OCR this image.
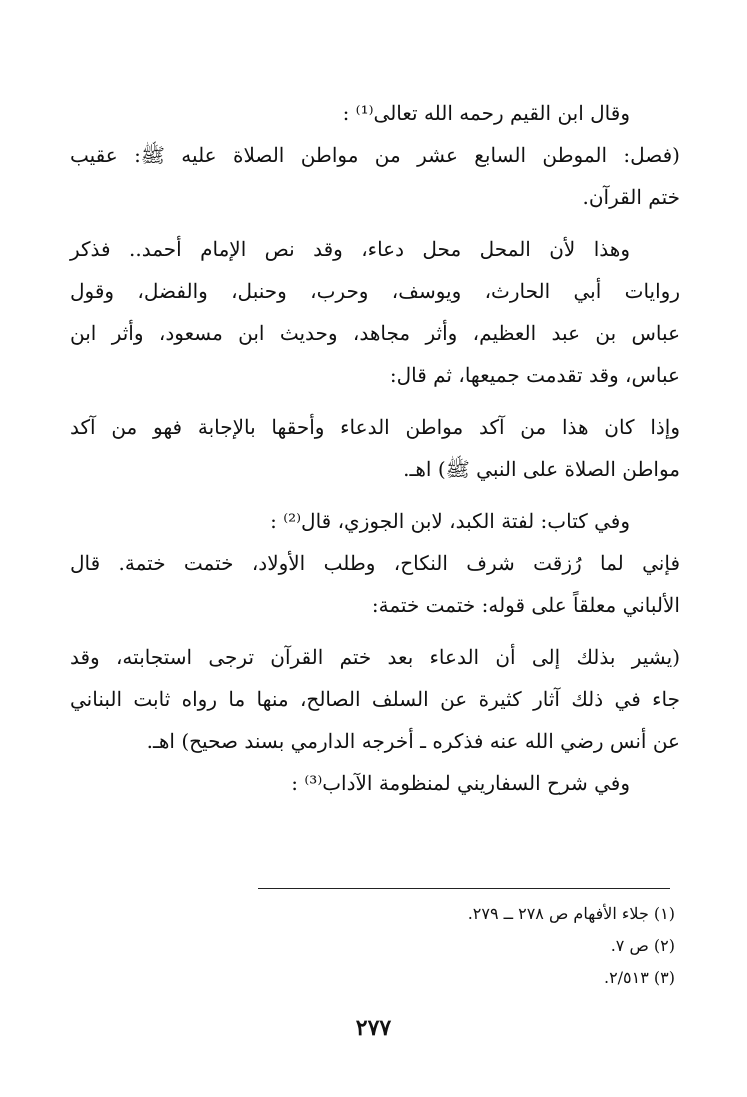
وقال ابن القيم رحمه الله تعالى⁽¹⁾ :
(فصل: الموطن السابع عشر من مواطن الصلاة عليه ﷺ: عقيب
ختم القرآن.
وهذا لأن المحل محل دعاء، وقد نص الإمام أحمد.. فذكر
روايات أبي الحارث، ويوسف، وحرب، وحنبل، والفضل، وقول
عباس بن عبد العظيم، وأثر مجاهد، وحديث ابن مسعود، وأثر ابن
عباس، وقد تقدمت جميعها، ثم قال:
وإذا كان هذا من آكد مواطن الدعاء وأحقها بالإجابة فهو من آكد
مواطن الصلاة على النبي ﷺ) اهـ.
وفي كتاب: لفتة الكبد، لابن الجوزي، قال⁽²⁾ :
فإني لما رُزقت شرف النكاح، وطلب الأولاد، ختمت ختمة. قال
الألباني معلقاً على قوله: ختمت ختمة:
(يشير بذلك إلى أن الدعاء بعد ختم القرآن ترجى استجابته، وقد
جاء في ذلك آثار كثيرة عن السلف الصالح، منها ما رواه ثابت البناني
عن أنس رضي الله عنه فذكره ـ أخرجه الدارمي بسند صحيح) اهـ.
وفي شرح السفاريني لمنظومة الآداب⁽³⁾ :
(١) جلاء الأفهام ص ٢٧٨ ــ ٢٧٩.
(٢) ص ٧.
(٣) ٢/٥١٣.
٢٧٧
